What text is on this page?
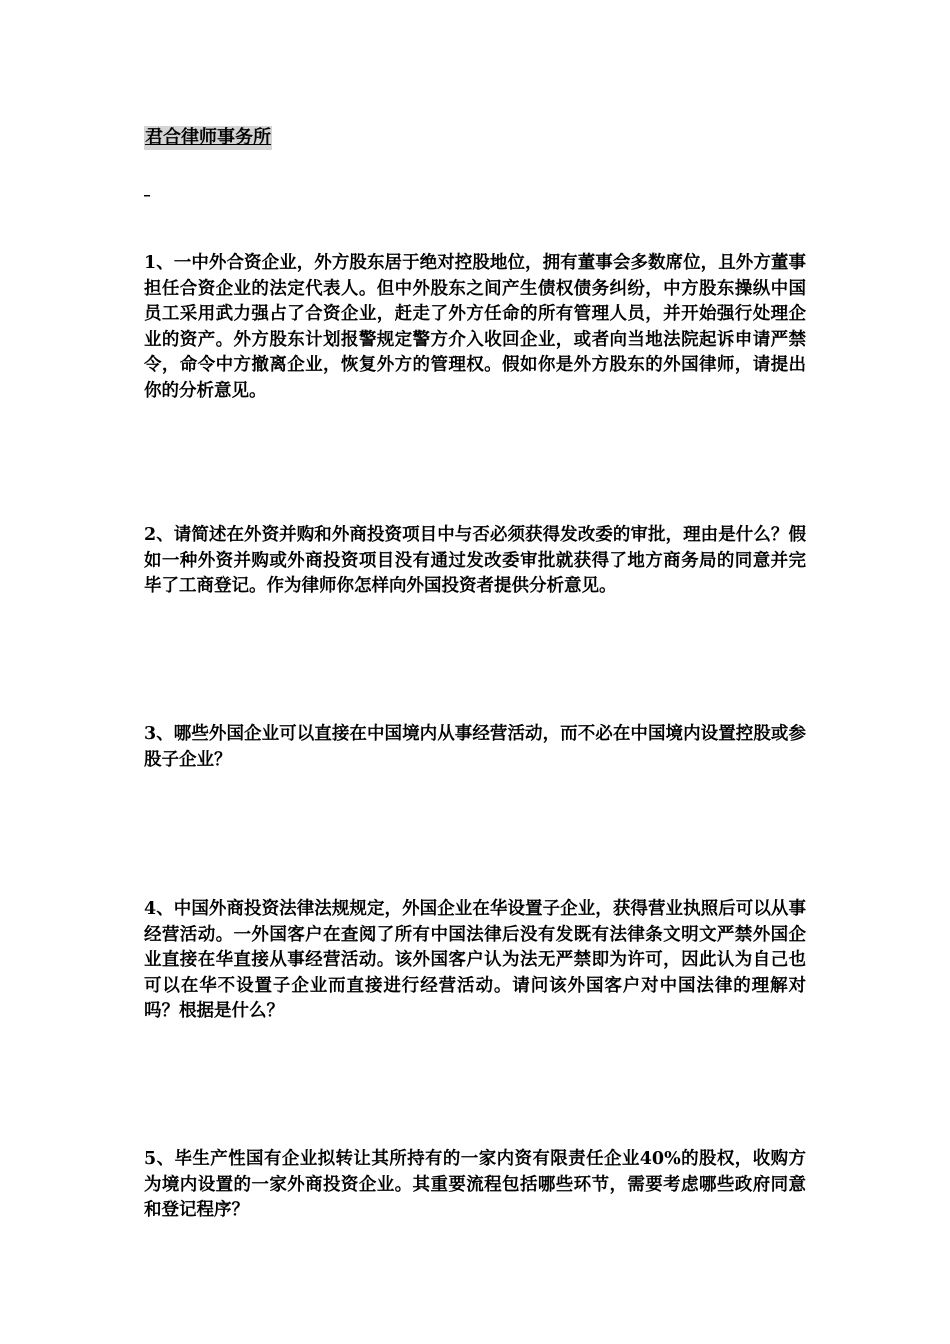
君合律师事务所
_

1、一中外合资企业，外方股东居于绝对控股地位，拥有董事会多数席位，且外方董事担任合资企业的法定代表人。但中外股东之间产生债权债务纠纷，中方股东操纵中国员工采用武力强占了合资企业，赶走了外方任命的所有管理人员，并开始强行处理企业的资产。外方股东计划报警规定警方介入收回企业，或者向当地法院起诉申请严禁令，命令中方撤离企业，恢复外方的管理权。假如你是外方股东的外国律师，请提出你的分析意见。

2、请简述在外资并购和外商投资项目中与否必须获得发改委的审批，理由是什么？假如一种外资并购或外商投资项目没有通过发改委审批就获得了地方商务局的同意并完毕了工商登记。作为律师你怎样向外国投资者提供分析意见。

3、哪些外国企业可以直接在中国境内从事经营活动，而不必在中国境内设置控股或参股子企业？

4、中国外商投资法律法规规定，外国企业在华设置子企业，获得营业执照后可以从事经营活动。一外国客户在查阅了所有中国法律后没有发既有法律条文明文严禁外国企业直接在华直接从事经营活动。该外国客户认为法无严禁即为许可，因此认为自己也可以在华不设置子企业而直接进行经营活动。请问该外国客户对中国法律的理解对吗？根据是什么？

5、毕生产性国有企业拟转让其所持有的一家内资有限责任企业40%的股权，收购方为境内设置的一家外商投资企业。其重要流程包括哪些环节，需要考虑哪些政府同意和登记程序？
